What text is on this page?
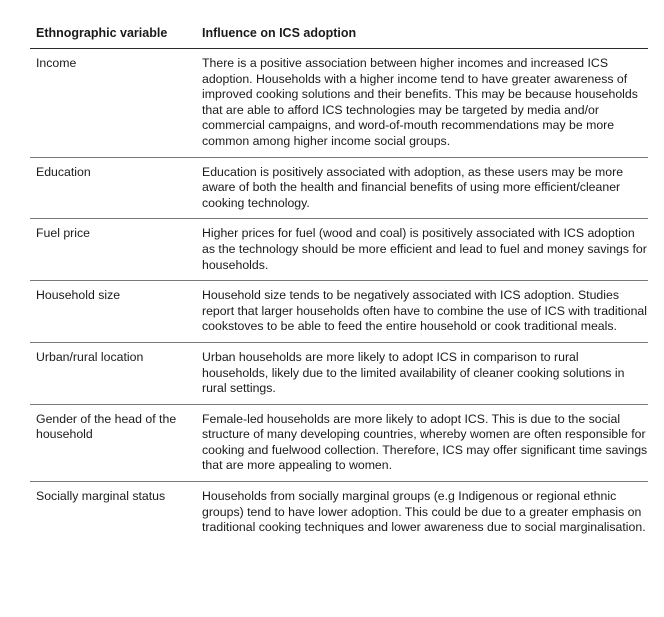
Ethnographic variable	Influence on ICS adoption
Income	There is a positive association between higher incomes and increased ICS adoption. Households with a higher income tend to have greater awareness of improved cooking solutions and their benefits. This may be because households that are able to afford ICS technologies may be targeted by media and/or commercial campaigns, and word-of-mouth recommendations may be more common among higher income social groups.
Education	Education is positively associated with adoption, as these users may be more aware of both the health and financial benefits of using more efficient/cleaner cooking technology.
Fuel price	Higher prices for fuel (wood and coal) is positively associated with ICS adoption as the technology should be more efficient and lead to fuel and money savings for households.
Household size	Household size tends to be negatively associated with ICS adoption. Studies report that larger households often have to combine the use of ICS with traditional cookstoves to be able to feed the entire household or cook traditional meals.
Urban/rural location	Urban households are more likely to adopt ICS in comparison to rural households, likely due to the limited availability of cleaner cooking solutions in rural settings.
Gender of the head of the household	Female-led households are more likely to adopt ICS. This is due to the social structure of many developing countries, whereby women are often responsible for cooking and fuelwood collection. Therefore, ICS may offer significant time savings that are more appealing to women.
Socially marginal status	Households from socially marginal groups (e.g Indigenous or regional ethnic groups) tend to have lower adoption. This could be due to a greater emphasis on traditional cooking techniques and lower awareness due to social marginalisation.
